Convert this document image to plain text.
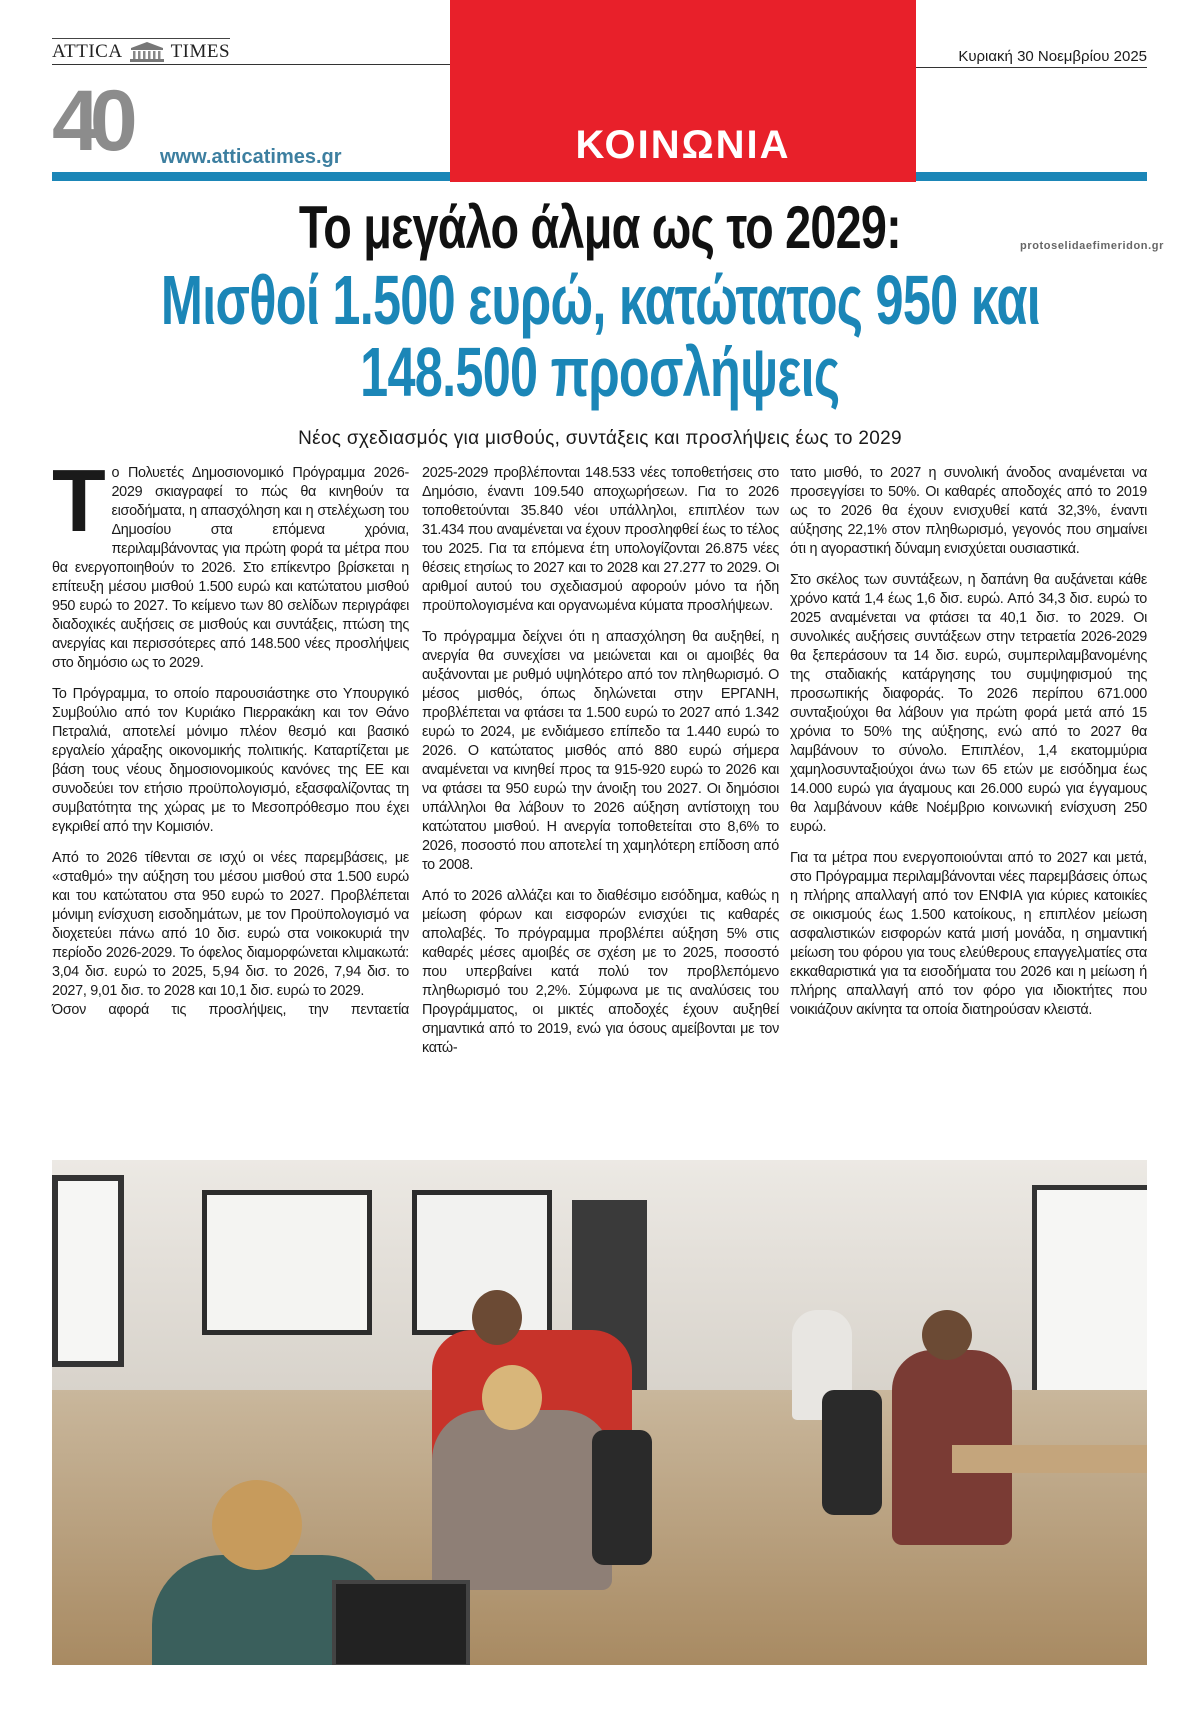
ATTICA	TIMES
40 www.atticatimes.gr	ΚΟΙΝΩΝΙΑ
Κυριακή 30 Νοεμβρίου 2025
protoselidaefimeridon.gr
Το μεγάλο άλμα ως το 2029:
Μισθοί 1.500 ευρώ, κατώτατος 950 και
148.500 προσλήψεις
Νέος σχεδιασμός για μισθούς, συντάξεις και προσλήψεις έως το 2029

Το Πολυετές Δημοσιονομικό Πρόγραμμα 2026-2029 σκιαγραφεί το πώς θα κινηθούν τα εισοδήματα, η απασχόληση και η στελέχωση του Δημοσίου στα επόμενα χρόνια, περιλαμβάνοντας για πρώτη φορά τα μέτρα που θα ενεργοποιηθούν το 2026. Στο επίκεντρο βρίσκεται η επίτευξη μέσου μισθού 1.500 ευρώ και κατώτατου μισθού 950 ευρώ το 2027. Το κείμενο των 80 σελίδων περιγράφει διαδοχικές αυξήσεις σε μισθούς και συντάξεις, πτώση της ανεργίας και περισσότερες από 148.500 νέες προσλήψεις στο δημόσιο ως το 2029.

Το Πρόγραμμα, το οποίο παρουσιάστηκε στο Υπουργικό Συμβούλιο από τον Κυριάκο Πιερρακάκη και τον Θάνο Πετραλιά, αποτελεί μόνιμο πλέον θεσμό και βασικό εργαλείο χάραξης οικονομικής πολιτικής. Καταρτίζεται με βάση τους νέους δημοσιονομικούς κανόνες της ΕΕ και συνοδεύει τον ετήσιο προϋπολογισμό, εξασφαλίζοντας τη συμβατότητα της χώρας με το Μεσοπρόθεσμο που έχει εγκριθεί από την Κομισιόν.

Από το 2026 τίθενται σε ισχύ οι νέες παρεμβάσεις, με «σταθμό» την αύξηση του μέσου μισθού στα 1.500 ευρώ και του κατώτατου στα 950 ευρώ το 2027. Προβλέπεται μόνιμη ενίσχυση εισοδημάτων, με τον Προϋπολογισμό να διοχετεύει πάνω από 10 δισ. ευρώ στα νοικοκυριά την περίοδο 2026-2029. Το όφελος διαμορφώνεται κλιμακωτά: 3,04 δισ. ευρώ το 2025, 5,94 δισ. το 2026, 7,94 δισ. το 2027, 9,01 δισ. το 2028 και 10,1 δισ. ευρώ το 2029.

Όσον αφορά τις προσλήψεις, την πενταετία

2025-2029 προβλέπονται 148.533 νέες τοποθετήσεις στο Δημόσιο, έναντι 109.540 αποχωρήσεων. Για το 2026 τοποθετούνται 35.840 νέοι υπάλληλοι, επιπλέον των 31.434 που αναμένεται να έχουν προσληφθεί έως το τέλος του 2025. Για τα επόμενα έτη υπολογίζονται 26.875 νέες θέσεις ετησίως το 2027 και το 2028 και 27.277 το 2029. Οι αριθμοί αυτού του σχεδιασμού αφορούν μόνο τα ήδη προϋπολογισμένα και οργανωμένα κύματα προσλήψεων.

Το πρόγραμμα δείχνει ότι η απασχόληση θα αυξηθεί, η ανεργία θα συνεχίσει να μειώνεται και οι αμοιβές θα αυξάνονται με ρυθμό υψηλότερο από τον πληθωρισμό. Ο μέσος μισθός, όπως δηλώνεται στην ΕΡΓΑΝΗ, προβλέπεται να φτάσει τα 1.500 ευρώ το 2027 από 1.342 ευρώ το 2024, με ενδιάμεσο επίπεδο τα 1.440 ευρώ το 2026. Ο κατώτατος μισθός από 880 ευρώ σήμερα αναμένεται να κινηθεί προς τα 915-920 ευρώ το 2026 και να φτάσει τα 950 ευρώ την άνοιξη του 2027. Οι δημόσιοι υπάλληλοι θα λάβουν το 2026 αύξηση αντίστοιχη του κατώτατου μισθού. Η ανεργία τοποθετείται στο 8,6% το 2026, ποσοστό που αποτελεί τη χαμηλότερη επίδοση από το 2008.

Από το 2026 αλλάζει και το διαθέσιμο εισόδημα, καθώς η μείωση φόρων και εισφορών ενισχύει τις καθαρές απολαβές. Το πρόγραμμα προβλέπει αύξηση 5% στις καθαρές μέσες αμοιβές σε σχέση με το 2025, ποσοστό που υπερβαίνει κατά πολύ τον προβλεπόμενο πληθωρισμό του 2,2%. Σύμφωνα με τις αναλύσεις του Προγράμματος, οι μικτές αποδοχές έχουν αυξηθεί σημαντικά από το 2019, ενώ για όσους αμείβονται με τον κατώ-

τατο μισθό, το 2027 η συνολική άνοδος αναμένεται να προσεγγίσει το 50%. Οι καθαρές αποδοχές από το 2019 ως το 2026 θα έχουν ενισχυθεί κατά 32,3%, έναντι αύξησης 22,1% στον πληθωρισμό, γεγονός που σημαίνει ότι η αγοραστική δύναμη ενισχύεται ουσιαστικά.

Στο σκέλος των συντάξεων, η δαπάνη θα αυξάνεται κάθε χρόνο κατά 1,4 έως 1,6 δισ. ευρώ. Από 34,3 δισ. ευρώ το 2025 αναμένεται να φτάσει τα 40,1 δισ. το 2029. Οι συνολικές αυξήσεις συντάξεων στην τετραετία 2026-2029 θα ξεπεράσουν τα 14 δισ. ευρώ, συμπεριλαμβανομένης της σταδιακής κατάργησης του συμψηφισμού της προσωπικής διαφοράς. Το 2026 περίπου 671.000 συνταξιούχοι θα λάβουν για πρώτη φορά μετά από 15 χρόνια το 50% της αύξησης, ενώ από το 2027 θα λαμβάνουν το σύνολο. Επιπλέον, 1,4 εκατομμύρια χαμηλοσυνταξιούχοι άνω των 65 ετών με εισόδημα έως 14.000 ευρώ για άγαμους και 26.000 ευρώ για έγγαμους θα λαμβάνουν κάθε Νοέμβριο κοινωνική ενίσχυση 250 ευρώ.

Για τα μέτρα που ενεργοποιούνται από το 2027 και μετά, στο Πρόγραμμα περιλαμβάνονται νέες παρεμβάσεις όπως η πλήρης απαλλαγή από τον ΕΝΦΙΑ για κύριες κατοικίες σε οικισμούς έως 1.500 κατοίκους, η επιπλέον μείωση ασφαλιστικών εισφορών κατά μισή μονάδα, η σημαντική μείωση του φόρου για τους ελεύθερους επαγγελματίες στα εκκαθαριστικά για τα εισοδήματα του 2026 και η μείωση ή πλήρης απαλλαγή από τον φόρο για ιδιοκτήτες που νοικιάζουν ακίνητα τα οποία διατηρούσαν κλειστά.
